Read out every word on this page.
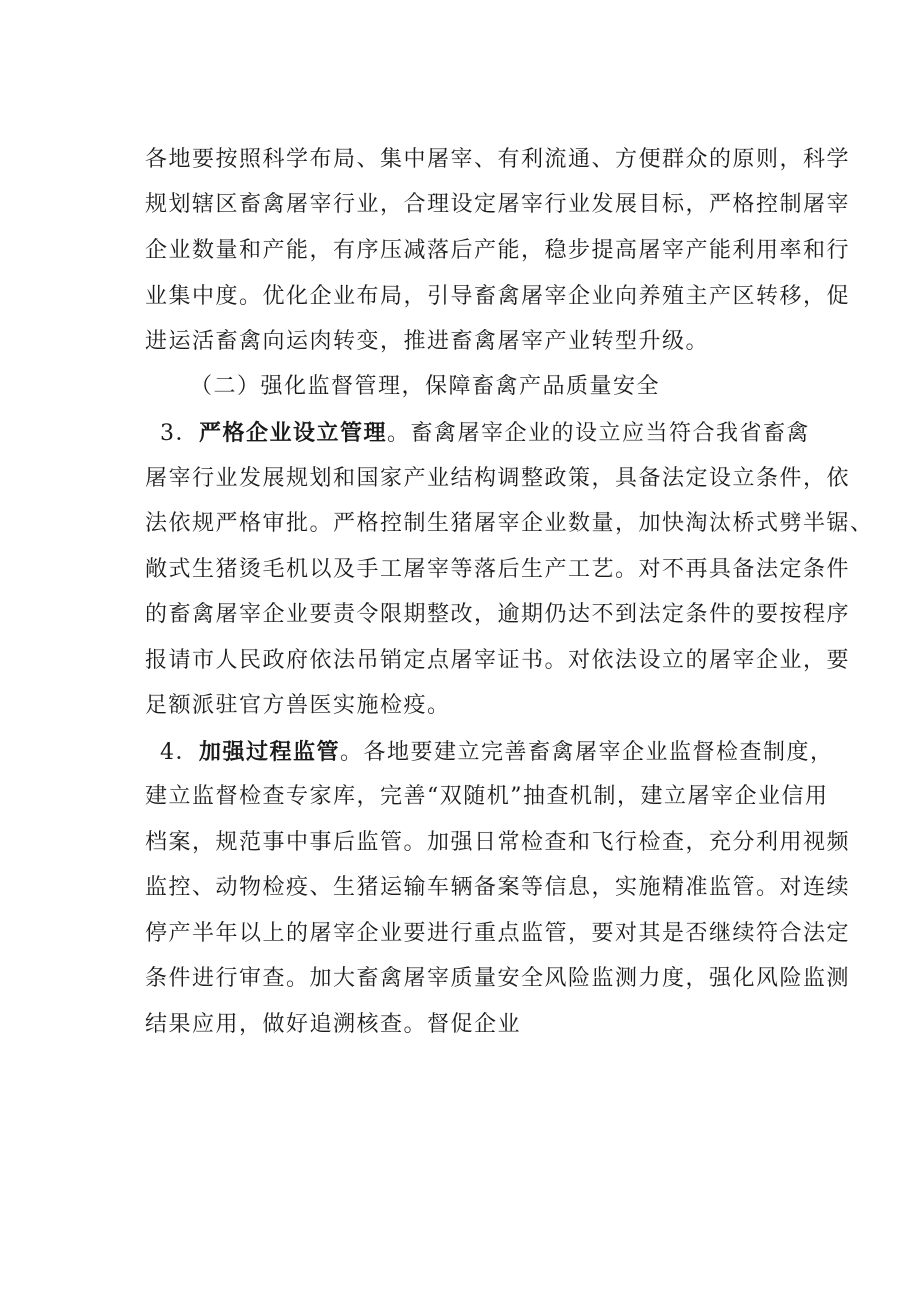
各地要按照科学布局、集中屠宰、有利流通、方便群众的原则，科学
规划辖区畜禽屠宰行业，合理设定屠宰行业发展目标，严格控制屠宰
企业数量和产能，有序压减落后产能，稳步提高屠宰产能利用率和行
业集中度。优化企业布局，引导畜禽屠宰企业向养殖主产区转移，促
进运活畜禽向运肉转变，推进畜禽屠宰产业转型升级。
（二）强化监督管理，保障畜禽产品质量安全
3．严格企业设立管理。畜禽屠宰企业的设立应当符合我省畜禽
屠宰行业发展规划和国家产业结构调整政策，具备法定设立条件，依
法依规严格审批。严格控制生猪屠宰企业数量，加快淘汰桥式劈半锯、
敞式生猪烫毛机以及手工屠宰等落后生产工艺。对不再具备法定条件
的畜禽屠宰企业要责令限期整改，逾期仍达不到法定条件的要按程序
报请市人民政府依法吊销定点屠宰证书。对依法设立的屠宰企业，要
足额派驻官方兽医实施检疫。
4．加强过程监管。各地要建立完善畜禽屠宰企业监督检查制度，
建立监督检查专家库，完善“双随机”抽查机制，建立屠宰企业信用
档案，规范事中事后监管。加强日常检查和飞行检查，充分利用视频
监控、动物检疫、生猪运输车辆备案等信息，实施精准监管。对连续
停产半年以上的屠宰企业要进行重点监管，要对其是否继续符合法定
条件进行审查。加大畜禽屠宰质量安全风险监测力度，强化风险监测
结果应用，做好追溯核查。督促企业
